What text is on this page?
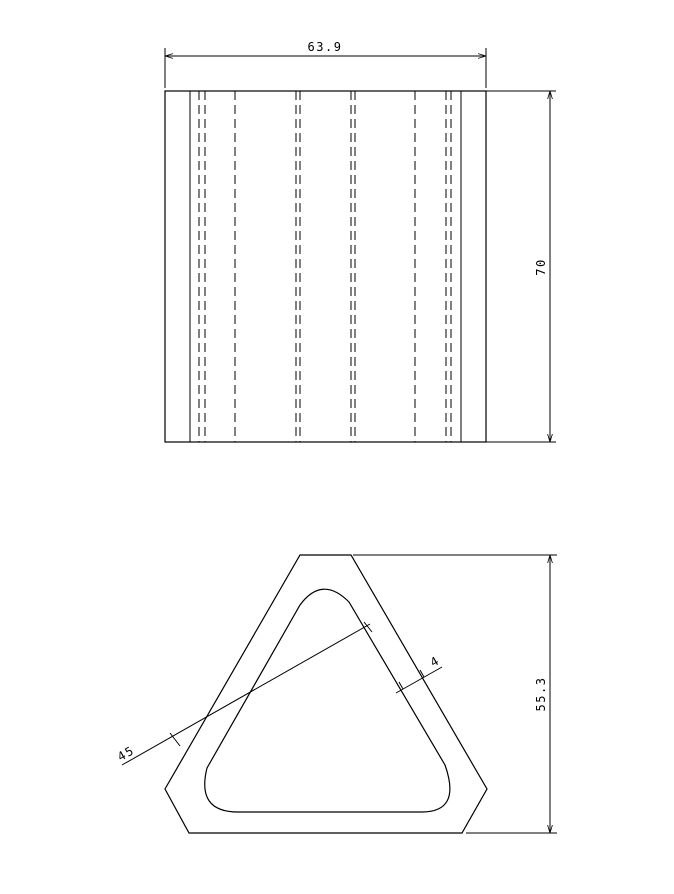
63.9
70
55.3
4
45
